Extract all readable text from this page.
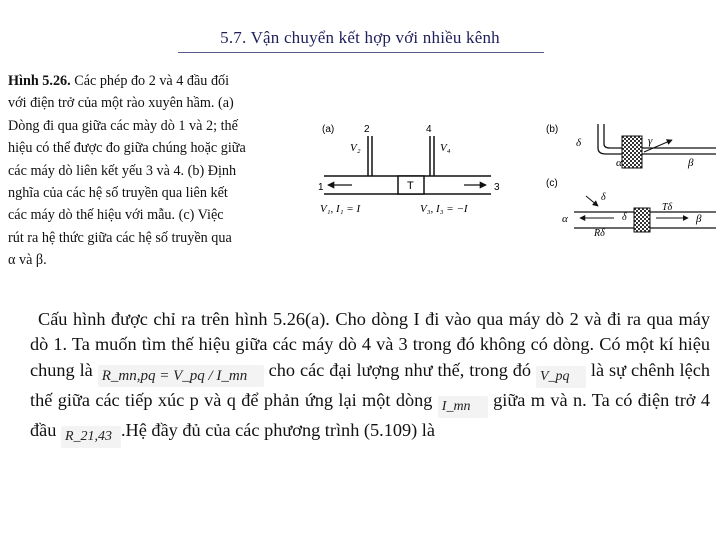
5.7. Vận chuyển kết hợp với nhiều kênh
Hình 5.26. Các phép đo 2 và 4 đầu đối
với điện trở của một rào xuyên hầm. (a)
Dòng đi qua giữa các mày dò 1 và 2; thế
hiệu có thể được đo giữa chúng hoặc giữa
các máy dò liên kết yếu 3 và 4. (b) Định
nghĩa của các hệ số truyền qua liên kết
các máy dò thế hiệu với mẫu. (c) Việc
rút ra hệ thức giữa các hệ số truyền qua
α và β.
(a)	2	4
V₂	V₄
1	3
T
V₁, I₁ = I	V₃, I₃ = −I
(b)
δ	γ
β
α
(c)
δ
δ
Tδ
β
α
Rδ
Cấu hình được chỉ ra trên hình 5.26(a). Cho dòng I đi vào qua máy dò 2 và đi ra qua máy dò 1. Ta muốn tìm thế hiệu giữa các máy dò 4 và 3 trong đó không có dòng. Có một kí hiệu chung là R_mn,pq = V_pq / I_mn cho các đại lượng như thế, trong đó V_pq là sự chênh lệch thế giữa các tiếp xúc p và q để phản ứng lại một dòng I_mn giữa m và n. Ta có điện trở 4 đầu R_21,43 .Hệ đầy đủ của các phương trình (5.109) là
